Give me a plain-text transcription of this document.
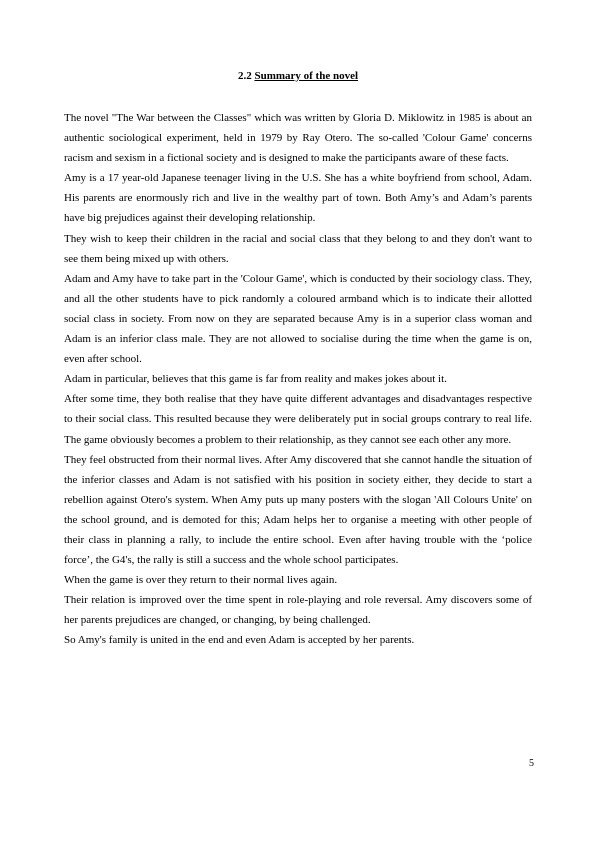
2.2 Summary of the novel

The novel "The War between the Classes" which was written by Gloria D. Miklowitz in 1985 is about an authentic sociological experiment, held in 1979 by Ray Otero. The so-called 'Colour Game' concerns racism and sexism in a fictional society and is designed to make the participants aware of these facts.

Amy is a 17 year-old Japanese teenager living in the U.S. She has a white boyfriend from school, Adam. His parents are enormously rich and live in the wealthy part of town. Both Amy’s and Adam’s parents have big prejudices against their developing relationship.

They wish to keep their children in the racial and social class that they belong to and they don't want to see them being mixed up with others.

Adam and Amy have to take part in the 'Colour Game', which is conducted by their sociology class. They, and all the other students have to pick randomly a coloured armband which is to indicate their allotted social class in society. From now on they are separated because Amy is in a superior class woman and Adam is an inferior class male. They are not allowed to socialise during the time when the game is on, even after school.

Adam in particular, believes that this game is far from reality and makes jokes about it.

After some time, they both realise that they have quite different advantages and disadvantages respective to their social class. This resulted because they were deliberately put in social groups contrary to real life. The game obviously becomes a problem to their relationship, as they cannot see each other any more.

They feel obstructed from their normal lives. After Amy discovered that she cannot handle the situation of the inferior classes and Adam is not satisfied with his position in society either, they decide to start a rebellion against Otero's system. When Amy puts up many posters with the slogan 'All Colours Unite' on the school ground, and is demoted for this; Adam helps her to organise a meeting with other people of their class in planning a rally, to include the entire school. Even after having trouble with the ‘police force’, the G4's, the rally is still a success and the whole school participates.

When the game is over they return to their normal lives again.

Their relation is improved over the time spent in role-playing and role reversal. Amy discovers some of her parents prejudices are changed, or changing, by being challenged.

So Amy's family is united in the end and even Adam is accepted by her parents.

5
